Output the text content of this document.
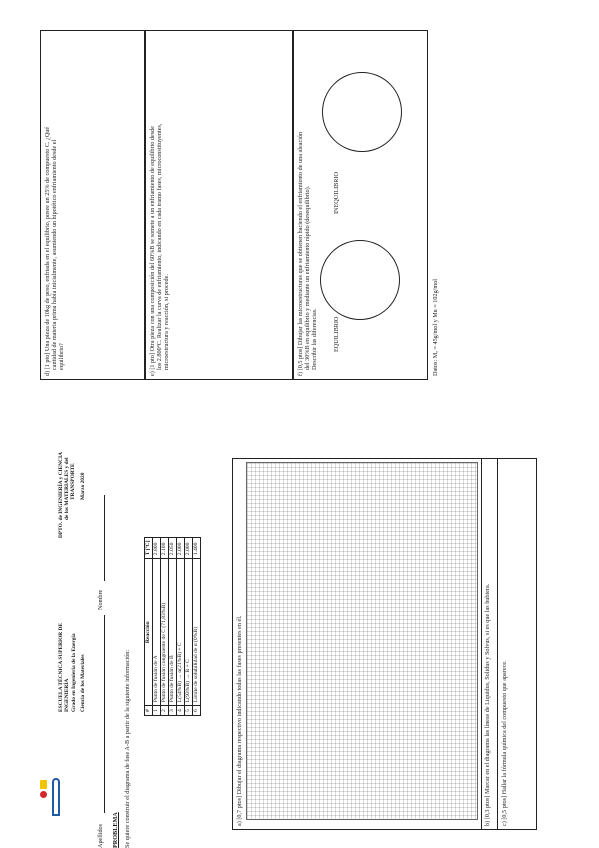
ESCUELA TÉCNICA SUPERIOR DE INGENIERÍA Grado en Ingeniería de la Energía Ciencia de los Materiales
DPTO. de INGENIERÍA y CIENCIA de los MATERIALES y del TRANSPORTE Marzo 2020
Apellidos
Nombre
PROBLEMA Se quiere construir el diagrama de fase A-B a partir de la siguiente información:	#	Reacción	T [ºC]
1	Punto de fusión de A	2.800
2	Punto de fusión congruente de C (71,83%B)	2.100
3	Punto de fusión de B	2.050
4	L(54%B) → α(21%B) + C	2.000
5	L(93%B) → B + C	2.000
6	Límite de solubilidad de α (0%B)	1.400
a) [0,7 ptos] Dibujar el diagrama respectivo indicando todas las fases presentes en él.	b) [0,3 ptos] Marcar en el diagrama las líneas de Liquidus, Solidus y Solvus, si es que las hubiera. c) [0,5 ptos] Hallar la fórmula química del compuesto que aparece.
d) [1 pto] Una pieza de 10kg de peso, enfriada en el equilibrio, posee un 25% de compuesto C. ¿Qué cantidad de materia prima había inicialmente, asumiendo un hipotético enfriamiento desde el equilibrio?	e) [1 pto] Otra pieza con una composición del 60%B se somete a un enfriamiento de equilibrio desde los 2.800ºC. Realizar la curva de enfriamiento, indicando en cada tramo fases, microconstituyentes, microestructura y reacción, si procede.	f) [0,5 ptos] Dibujar las microestructuras que se obtienen haciendo el enfriamiento de una aleación del 30%B en equilibrio y mediante un enfriamiento rápido (desequilibrio). Describir las diferencias. EQUILIBRIO
INEQUILIBRIO
Datos: Mₐ = 45g/mol y Mʙ = 102g/mol
